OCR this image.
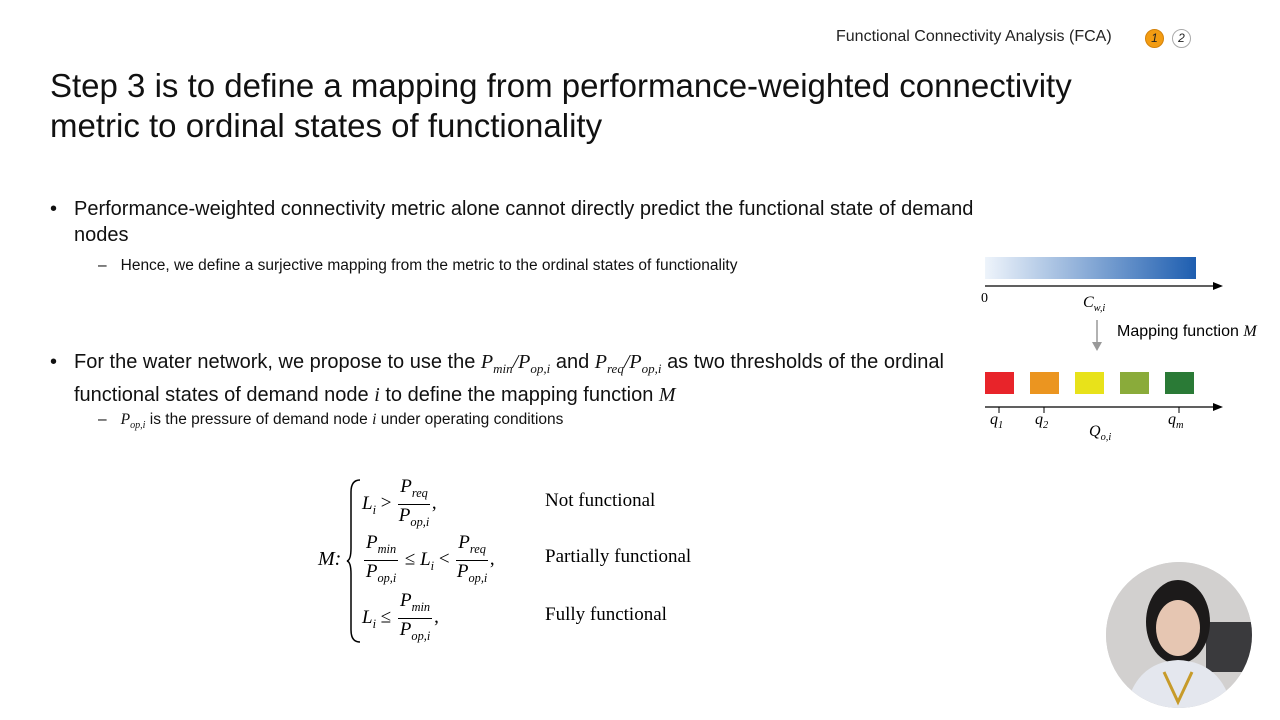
Functional Connectivity Analysis (FCA)	1	2
Step 3 is to define a mapping from performance-weighted connectivity metric to ordinal states of functionality
• Performance-weighted connectivity metric alone cannot directly predict the functional state of demand nodes
– Hence, we define a surjective mapping from the metric to the ordinal states of functionality
• For the water network, we propose to use the $P_{min}/P_{op,i}$ and $P_{req}/P_{op,i}$ as two thresholds of the ordinal functional states of demand node i to define the mapping function M
– $P_{op,i}$ is the pressure of demand node i under operating conditions
M:
$L_i > \frac{P_{req}}{P_{op,i}}$ ,	Not functional
$\frac{P_{min}}{P_{op,i}} \le L_i < \frac{P_{req}}{P_{op,i}}$ ,	Partially functional
$L_i \le \frac{P_{min}}{P_{op,i}}$ ,	Fully functional
0	$C_{w,i}$
Mapping function M
$q_1$ $q_2$	$q_m$
$Q_{o,i}$
